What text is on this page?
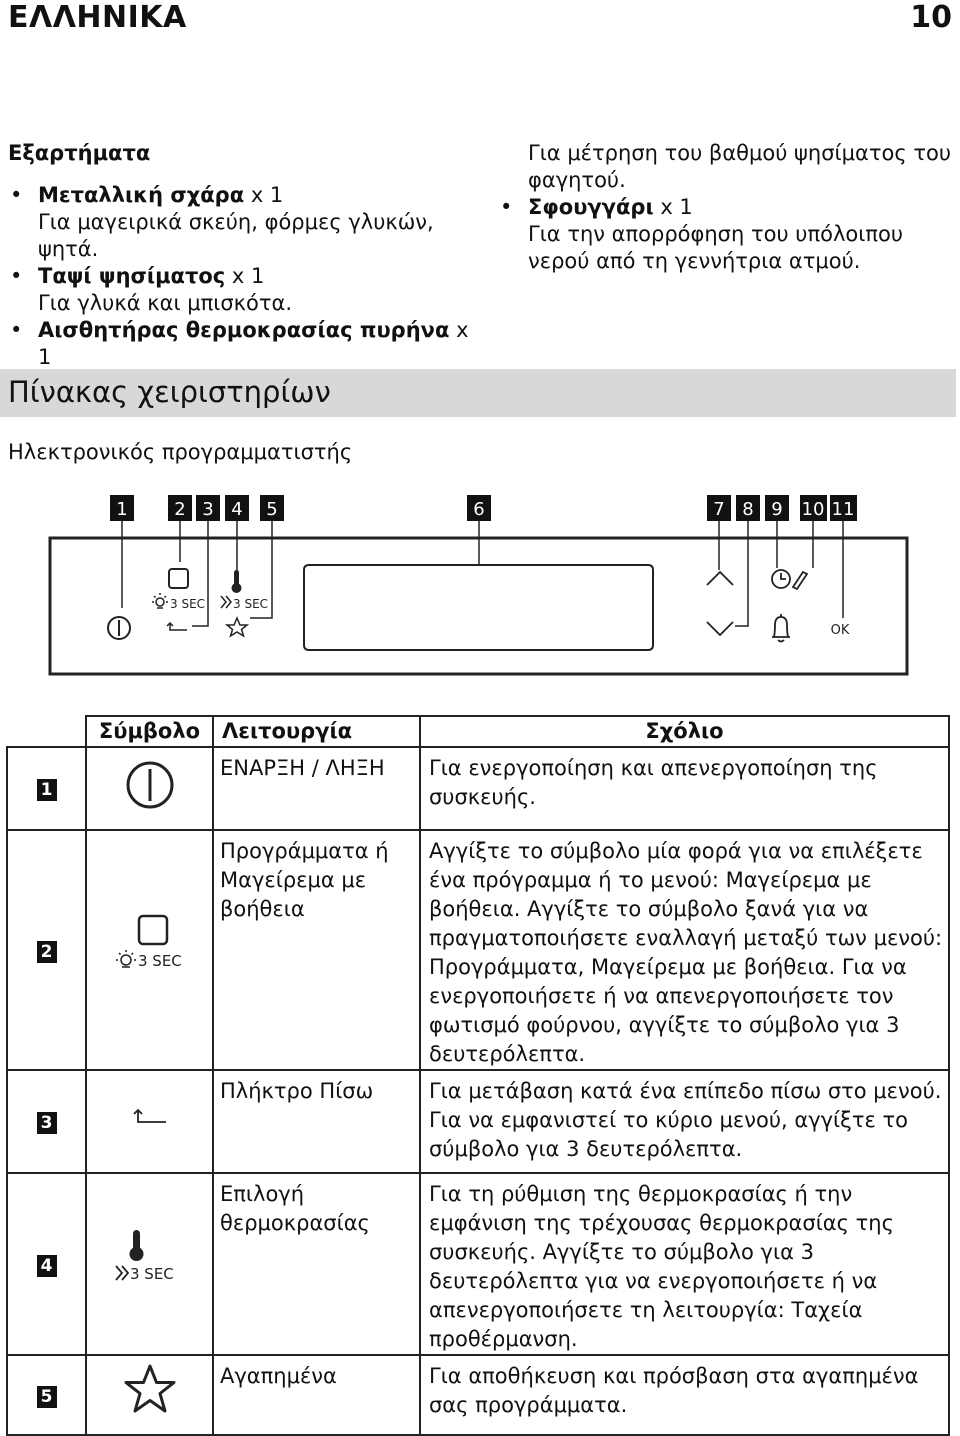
ΕΛΛΗΝΙΚΑ	10
Εξαρτήματα
• Μεταλλική σχάρα x 1
Για μαγειρικά σκεύη, φόρμες γλυκών, ψητά.
• Ταψί ψησίματος x 1
Για γλυκά και μπισκότα.
• Αισθητήρας θερμοκρασίας πυρήνα x 1
Για μέτρηση του βαθμού ψησίματος του φαγητού.
• Σφουγγάρι x 1
Για την απορρόφηση του υπόλοιπου νερού από τη γεννήτρια ατμού.
Πίνακας χειριστηρίων
Ηλεκτρονικός προγραμματιστής
1	2 3 4 5	6	7 8 9 10 11
3 SEC 3 SEC
OK
	Σύμβολο	Λειτουργία	Σχόλιο
1		ΕΝΑΡΞΗ / ΛΗΞΗ	Για ενεργοποίηση και απενεργοποίηση της συσκευής.
2	3 SEC	Προγράμματα ή Μαγείρεμα με βοήθεια	Αγγίξτε το σύμβολο μία φορά για να επιλέξετε ένα πρόγραμμα ή το μενού: Μαγείρεμα με βοήθεια. Αγγίξτε το σύμβολο ξανά για να πραγματοποιήσετε εναλλαγή μεταξύ των μενού: Προγράμματα, Μαγείρεμα με βοήθεια. Για να ενεργοποιήσετε ή να απενεργοποιήσετε τον φωτισμό φούρνου, αγγίξτε το σύμβολο για 3 δευτερόλεπτα.
3		Πλήκτρο Πίσω	Για μετάβαση κατά ένα επίπεδο πίσω στο μενού. Για να εμφανιστεί το κύριο μενού, αγγίξτε το σύμβολο για 3 δευτερόλεπτα.
4	3 SEC	Επιλογή θερμοκρασίας	Για τη ρύθμιση της θερμοκρασίας ή την εμφάνιση της τρέχουσας θερμοκρασίας της συσκευής. Αγγίξτε το σύμβολο για 3 δευτερόλεπτα για να ενεργοποιήσετε ή να απενεργοποιήσετε τη λειτουργία: Ταχεία προθέρμανση.
5		Αγαπημένα	Για αποθήκευση και πρόσβαση στα αγαπημένα σας προγράμματα.
